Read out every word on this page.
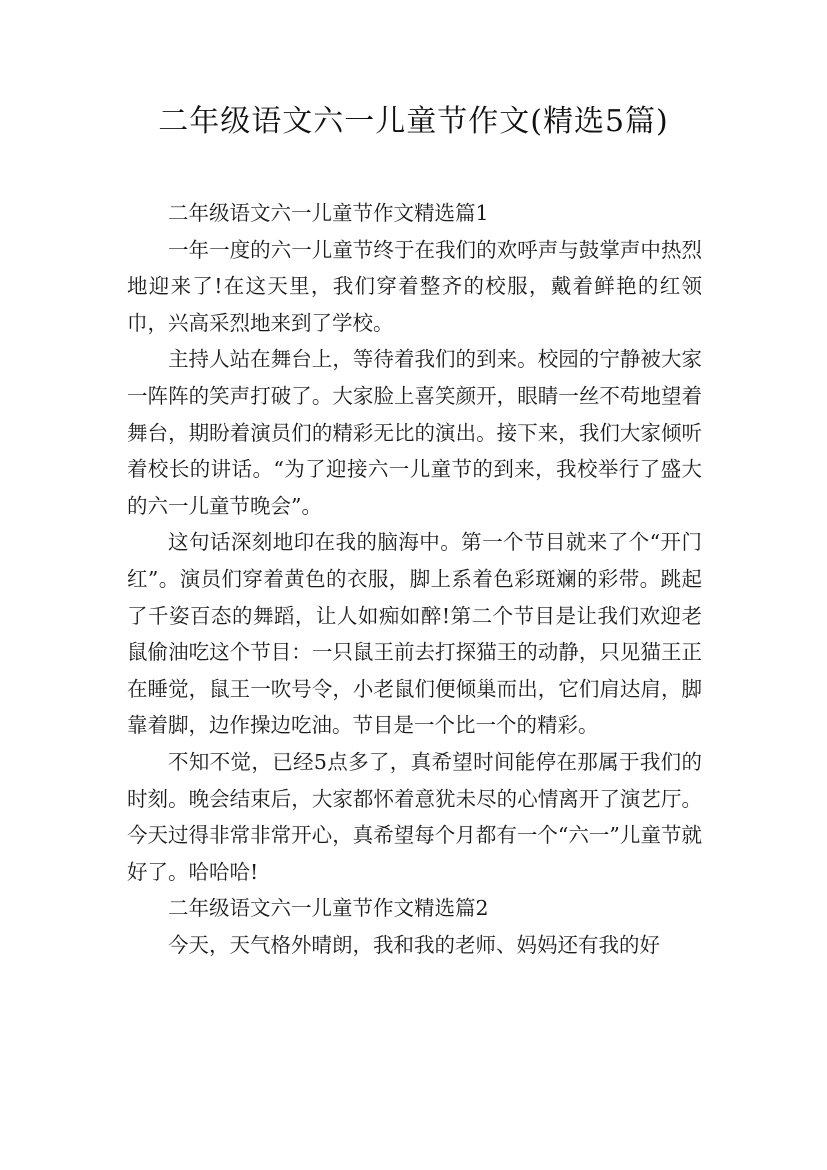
二年级语文六一儿童节作文(精选5篇)

二年级语文六一儿童节作文精选篇1

一年一度的六一儿童节终于在我们的欢呼声与鼓掌声中热烈地迎来了!在这天里，我们穿着整齐的校服，戴着鲜艳的红领巾，兴高采烈地来到了学校。

主持人站在舞台上，等待着我们的到来。校园的宁静被大家一阵阵的笑声打破了。大家脸上喜笑颜开，眼睛一丝不苟地望着舞台，期盼着演员们的精彩无比的演出。接下来，我们大家倾听着校长的讲话。“为了迎接六一儿童节的到来，我校举行了盛大的六一儿童节晚会”。

这句话深刻地印在我的脑海中。第一个节目就来了个“开门红”。演员们穿着黄色的衣服，脚上系着色彩斑斓的彩带。跳起了千姿百态的舞蹈，让人如痴如醉!第二个节目是让我们欢迎老鼠偷油吃这个节目：一只鼠王前去打探猫王的动静，只见猫王正在睡觉，鼠王一吹号令，小老鼠们便倾巢而出，它们肩达肩，脚靠着脚，边作操边吃油。节目是一个比一个的精彩。

不知不觉，已经5点多了，真希望时间能停在那属于我们的时刻。晚会结束后，大家都怀着意犹未尽的心情离开了演艺厅。今天过得非常非常开心，真希望每个月都有一个“六一”儿童节就好了。哈哈哈!

二年级语文六一儿童节作文精选篇2

今天，天气格外晴朗，我和我的老师、妈妈还有我的好
